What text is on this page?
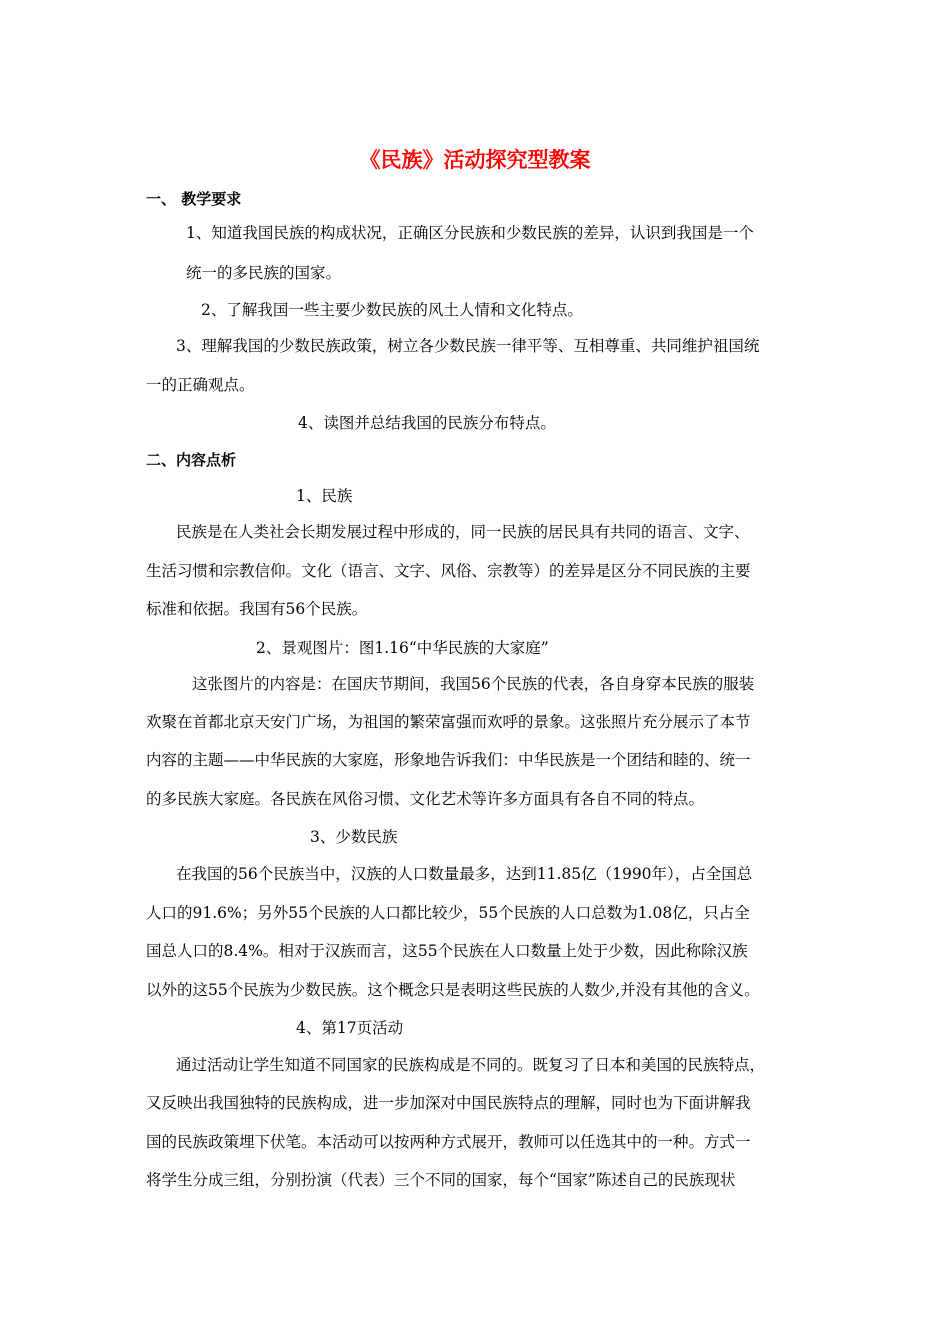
《民族》活动探究型教案
一、 教学要求
1、知道我国民族的构成状况，正确区分民族和少数民族的差异，认识到我国是一个
统一的多民族的国家。
2、了解我国一些主要少数民族的风土人情和文化特点。
3、理解我国的少数民族政策，树立各少数民族一律平等、互相尊重、共同维护祖国统
一的正确观点。
4、读图并总结我国的民族分布特点。
二、内容点析
1、民族
民族是在人类社会长期发展过程中形成的，同一民族的居民具有共同的语言、文字、
生活习惯和宗教信仰。文化（语言、文字、风俗、宗教等）的差异是区分不同民族的主要
标准和依据。我国有56个民族。
2、景观图片：图1.16“中华民族的大家庭”
这张图片的内容是：在国庆节期间，我国56个民族的代表，各自身穿本民族的服装
欢聚在首都北京天安门广场，为祖国的繁荣富强而欢呼的景象。这张照片充分展示了本节
内容的主题——中华民族的大家庭，形象地告诉我们：中华民族是一个团结和睦的、统一
的多民族大家庭。各民族在风俗习惯、文化艺术等许多方面具有各自不同的特点。
3、少数民族
在我国的56个民族当中，汉族的人口数量最多，达到11.85亿（1990年），占全国总
人口的91.6%；另外55个民族的人口都比较少，55个民族的人口总数为1.08亿，只占全
国总人口的8.4%。相对于汉族而言，这55个民族在人口数量上处于少数，因此称除汉族
以外的这55个民族为少数民族。这个概念只是表明这些民族的人数少,并没有其他的含义。
4、第17页活动
通过活动让学生知道不同国家的民族构成是不同的。既复习了日本和美国的民族特点，
又反映出我国独特的民族构成，进一步加深对中国民族特点的理解，同时也为下面讲解我
国的民族政策埋下伏笔。本活动可以按两种方式展开，教师可以任选其中的一种。方式一
将学生分成三组，分别扮演（代表）三个不同的国家，每个“国家”陈述自己的民族现状
